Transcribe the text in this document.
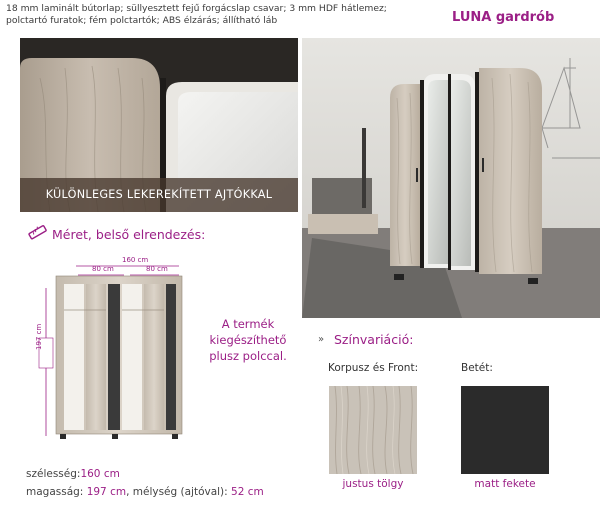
18 mm laminált bútorlap; süllyesztett fejű forgácslap csavar; 3 mm HDF hátlemez; polctartó furatok; fém polctartók; ABS élzárás; állítható láb	LUNA gardrób
KÜLÖNLEGES LEKEREKÍTETT AJTÓKKAL
Méret, belső elrendezés:
160 cm
80 cm	80 cm
197 cm	A termék kiegészíthető plusz polccal.
szélesség:160 cm
magasság: 197 cm, mélység (ajtóval): 52 cm
» Színvariáció:
Korpusz és Front:	Betét:
justus tölgy	matt fekete
